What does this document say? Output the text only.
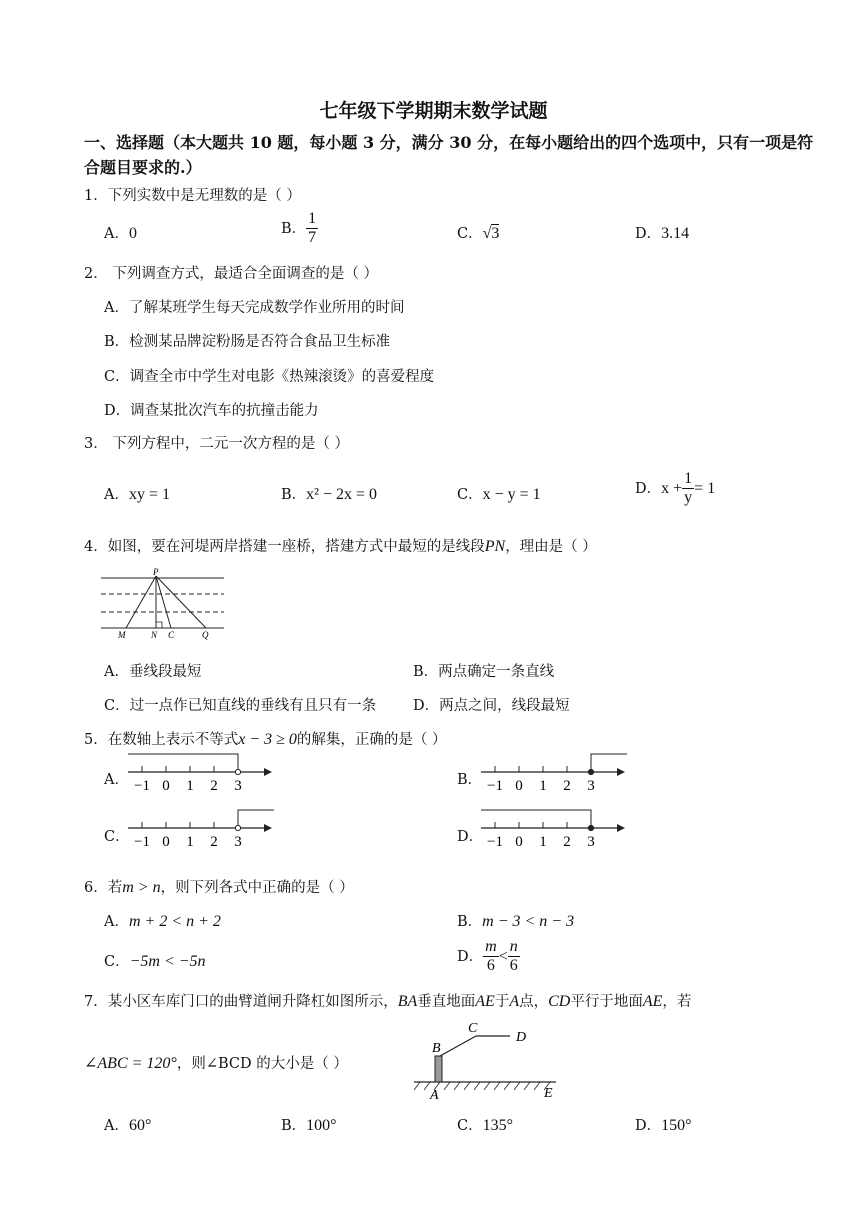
七年级下学期期末数学试题
一、选择题（本大题共 10 题，每小题 3 分，满分 30 分，在每小题给出的四个选项中，只有一项是符合题目要求的.）
1．下列实数中是无理数的是（ ）
A．0	B． $\frac{1}{7}$	C．√3	D．3.14
2． 下列调查方式，最适合全面调查的是（ ）
A．了解某班学生每天完成数学作业所用的时间
B．检测某品牌淀粉肠是否符合食品卫生标准
C．调查全市中学生对电影《热辣滚烫》的喜爱程度
D．调查某批次汽车的抗撞击能力
3． 下列方程中，二元一次方程的是（ ）
A．xy = 1	B．x² − 2x = 0	C．x − y = 1	D．$x + \frac{1}{y} = 1$
4．如图，要在河堤两岸搭建一座桥，搭建方式中最短的是线段PN，理由是（ ）
P
M	N C	Q
A．垂线段最短	B．两点确定一条直线
C．过一点作已知直线的垂线有且只有一条	D．两点之间，线段最短
5．在数轴上表示不等式x − 3 ≥ 0的解集，正确的是（ ）
A． −1 0 1 2 3	B． −1 0 1 2 3
C． −1 0 1 2 3	D． −1 0 1 2 3
6．若m > n，则下列各式中正确的是（ ）
A．m + 2 < n + 2	B．m − 3 < n − 3
C．−5m < −5n	D． $\frac{m}{6} < \frac{n}{6}$
7．某小区车库门口的曲臂道闸升降杠如图所示，BA垂直地面AE于A点，CD平行于地面AE，若
∠ABC = 120°，则∠BCD 的大小是（ ）
B
C
D
A	E
A．60°	B．100°	C．135°	D．150°
